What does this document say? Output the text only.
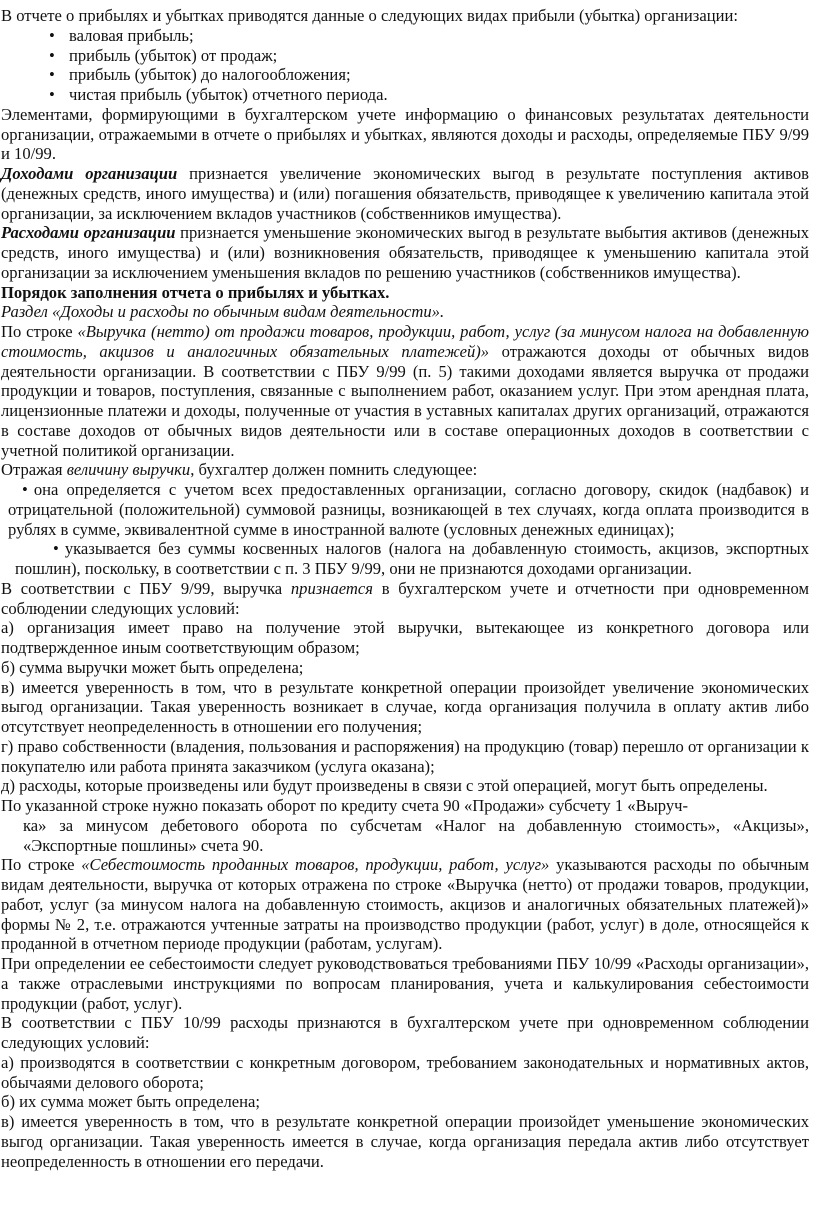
В отчете о прибылях и убытках приводятся данные о следующих видах прибыли (убытка) организации:

• валовая прибыль;
• прибыль (убыток) от продаж;
• прибыль (убыток) до налогообложения;
• чистая прибыль (убыток) отчетного периода.

Элементами, формирующими в бухгалтерском учете информацию о финансовых результатах деятельности организации, отражаемыми в отчете о прибылях и убытках, являются доходы и расходы, определяемые ПБУ 9/99 и 10/99.

Доходами организации признается увеличение экономических выгод в результате поступления активов (денежных средств, иного имущества) и (или) погашения обязательств, приводящее к увеличению капитала этой организации, за исключением вкладов участников (собственников имущества).

Расходами организации признается уменьшение экономических выгод в результате выбытия активов (денежных средств, иного имущества) и (или) возникновения обязательств, приводящее к уменьшению капитала этой организации за исключением уменьшения вкладов по решению участников (собственников имущества).

Порядок заполнения отчета о прибылях и убытках.

Раздел «Доходы и расходы по обычным видам деятельности».

По строке «Выручка (нетто) от продажи товаров, продукции, работ, услуг (за минусом налога на добавленную стоимость, акцизов и аналогичных обязательных платежей)» отражаются доходы от обычных видов деятельности организации. В соответствии с ПБУ 9/99 (п. 5) такими доходами является выручка от продажи продукции и товаров, поступления, связанные с выполнением работ, оказанием услуг. При этом арендная плата, лицензионные платежи и доходы, полученные от участия в уставных капиталах других организаций, отражаются в составе доходов от обычных видов деятельности или в составе операционных доходов в соответствии с учетной политикой организации.

Отражая величину выручки, бухгалтер должен помнить следующее:

• она определяется с учетом всех предоставленных организации, согласно договору, скидок (надбавок) и отрицательной (положительной) суммовой разницы, возникающей в тех случаях, когда оплата производится в рублях в сумме, эквивалентной сумме в иностранной валюте (условных денежных единицах);

• указывается без суммы косвенных налогов (налога на добавленную стоимость, акцизов, экспортных пошлин), поскольку, в соответствии с п. 3 ПБУ 9/99, они не признаются доходами организации.

В соответствии с ПБУ 9/99, выручка признается в бухгалтерском учете и отчетности при одновременном соблюдении следующих условий:

а) организация имеет право на получение этой выручки, вытекающее из конкретного договора или подтвержденное иным соответствующим образом;

б) сумма выручки может быть определена;

в) имеется уверенность в том, что в результате конкретной операции произойдет увеличение экономических выгод организации. Такая уверенность возникает в случае, когда организация получила в оплату актив либо отсутствует неопределенность в отношении его получения;

г) право собственности (владения, пользования и распоряжения) на продукцию (товар) перешло от организации к покупателю или работа принята заказчиком (услуга оказана);

д) расходы, которые произведены или будут произведены в связи с этой операцией, могут быть определены.

По указанной строке нужно показать оборот по кредиту счета 90 «Продажи» субсчету 1 «Выруч-

ка» за минусом дебетового оборота по субсчетам «Налог на добавленную стоимость», «Акцизы», «Экспортные пошлины» счета 90.

По строке «Себестоимость проданных товаров, продукции, работ, услуг» указываются расходы по обычным видам деятельности, выручка от которых отражена по строке «Выручка (нетто) от продажи товаров, продукции, работ, услуг (за минусом налога на добавленную стоимость, акцизов и аналогичных обязательных платежей)» формы № 2, т.е. отражаются учтенные затраты на производство продукции (работ, услуг) в доле, относящейся к проданной в отчетном периоде продукции (работам, услугам).

При определении ее себестоимости следует руководствоваться требованиями ПБУ 10/99 «Расходы организации», а также отраслевыми инструкциями по вопросам планирования, учета и калькулирования себестоимости продукции (работ, услуг).

В соответствии с ПБУ 10/99 расходы признаются в бухгалтерском учете при одновременном соблюдении следующих условий:

а) производятся в соответствии с конкретным договором, требованием законодательных и нормативных актов, обычаями делового оборота;

б) их сумма может быть определена;

в) имеется уверенность в том, что в результате конкретной операции произойдет уменьшение экономических выгод организации. Такая уверенность имеется в случае, когда организация передала актив либо отсутствует неопределенность в отношении его передачи.
